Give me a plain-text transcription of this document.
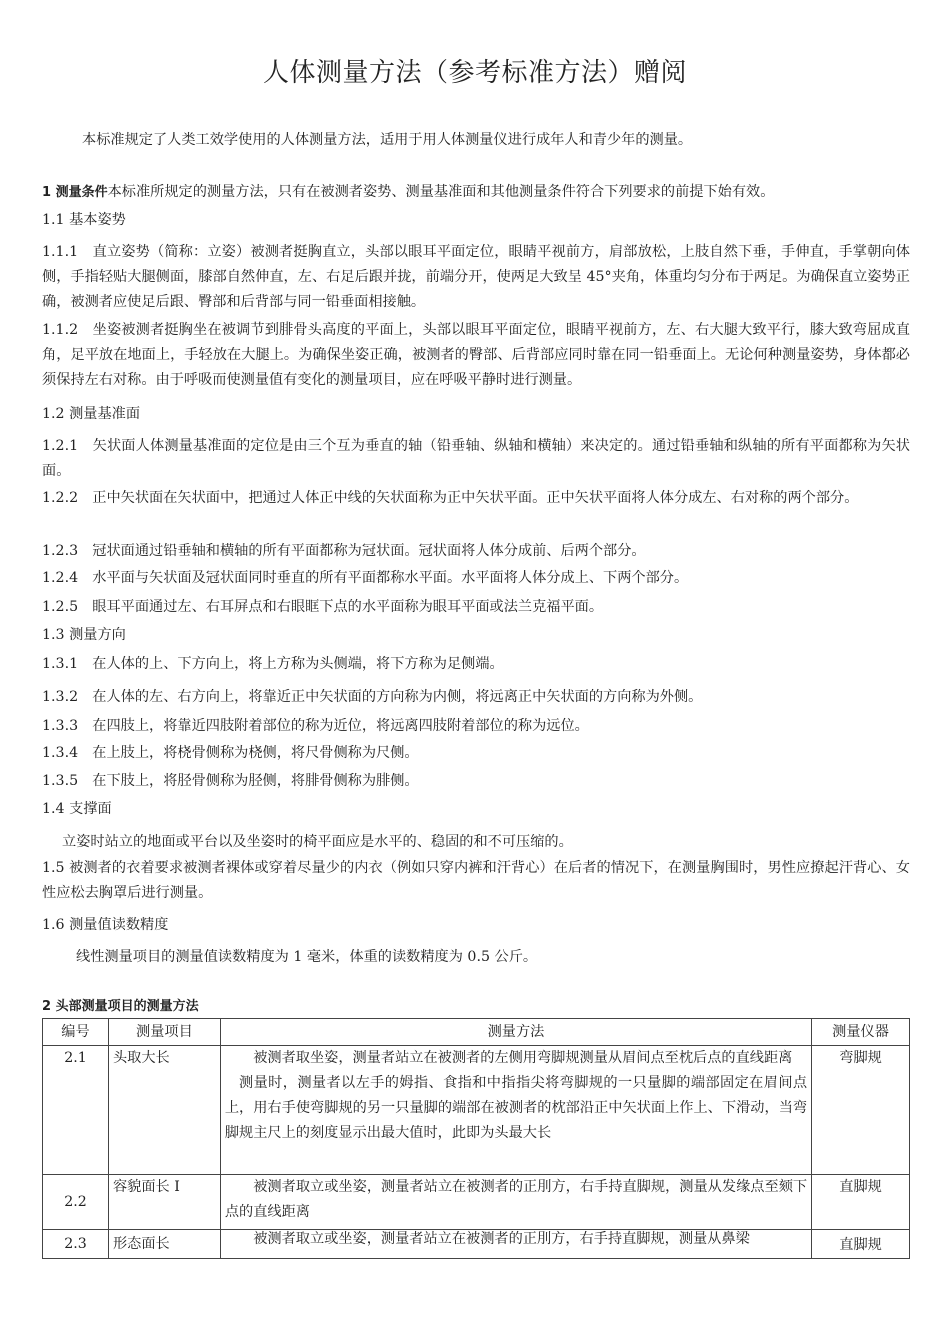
人体测量方法（参考标准方法）赠阅
本标准规定了人类工效学使用的人体测量方法，适用于用人体测量仪进行成年人和青少年的测量。
1 测量条件本标准所规定的测量方法，只有在被测者姿势、测量基准面和其他测量条件符合下列要求的前提下始有效。
1.1 基本姿势
1.1.1　直立姿势（简称：立姿）被测者挺胸直立，头部以眼耳平面定位，眼睛平视前方，肩部放松，上肢自然下垂，手伸直，手掌朝向体侧，手指轻贴大腿侧面，膝部自然伸直，左、右足后跟并拢，前端分开，使两足大致呈 45°夹角，体重均匀分布于两足。为确保直立姿势正确，被测者应使足后跟、臀部和后背部与同一铅垂面相接触。
1.1.2　坐姿被测者挺胸坐在被调节到腓骨头高度的平面上，头部以眼耳平面定位，眼睛平视前方，左、右大腿大致平行，膝大致弯屈成直角，足平放在地面上，手轻放在大腿上。为确保坐姿正确，被测者的臀部、后背部应同时靠在同一铅垂面上。无论何种测量姿势，身体都必须保持左右对称。由于呼吸而使测量值有变化的测量项目，应在呼吸平静时进行测量。
1.2 测量基准面
1.2.1　矢状面人体测量基准面的定位是由三个互为垂直的轴（铅垂轴、纵轴和横轴）来决定的。通过铅垂轴和纵轴的所有平面都称为矢状面。
1.2.2　正中矢状面在矢状面中，把通过人体正中线的矢状面称为正中矢状平面。正中矢状平面将人体分成左、右对称的两个部分。
1.2.3　冠状面通过铅垂轴和横轴的所有平面都称为冠状面。冠状面将人体分成前、后两个部分。
1.2.4　水平面与矢状面及冠状面同时垂直的所有平面都称水平面。水平面将人体分成上、下两个部分。
1.2.5　眼耳平面通过左、右耳屏点和右眼眶下点的水平面称为眼耳平面或法兰克福平面。
1.3 测量方向
1.3.1　在人体的上、下方向上，将上方称为头侧端，将下方称为足侧端。
1.3.2　在人体的左、右方向上，将靠近正中矢状面的方向称为内侧，将远离正中矢状面的方向称为外侧。
1.3.3　在四肢上，将靠近四肢附着部位的称为近位，将远离四肢附着部位的称为远位。
1.3.4　在上肢上，将桡骨侧称为桡侧，将尺骨侧称为尺侧。
1.3.5　在下肢上，将胫骨侧称为胫侧，将腓骨侧称为腓侧。
1.4 支撑面
立姿时站立的地面或平台以及坐姿时的椅平面应是水平的、稳固的和不可压缩的。
1.5 被测者的衣着要求被测者裸体或穿着尽量少的内衣（例如只穿内裤和汗背心）在后者的情况下，在测量胸围时，男性应撩起汗背心、女性应松去胸罩后进行测量。
1.6 测量值读数精度
线性测量项目的测量值读数精度为 1 毫米，体重的读数精度为 0.5 公斤。
2 头部测量项目的测量方法
编号	测量项目	测量方法	测量仪器
2.1	头取大长	被测者取坐姿，测量者站立在被测者的左侧用弯脚规测量从眉间点至枕后点的直线距离
测量时，测量者以左手的姆指、食指和中指指尖将弯脚规的一只量脚的端部固定在眉间点上，用右手使弯脚规的另一只量脚的端部在被测者的枕部沿正中矢状面上作上、下滑动，当弯脚规主尺上的刻度显示出最大值时，此即为头最大长	弯脚规
2.2	容貌面长 I	被测者取立或坐姿，测量者站立在被测者的正刖方，右手持直脚规，测量从发缘点至颏下点的直线距离	直脚规
2.3	形态面长	被测者取立或坐姿，测量者站立在被测者的正刖方，右手持直脚规，测量从鼻梁	直脚规
